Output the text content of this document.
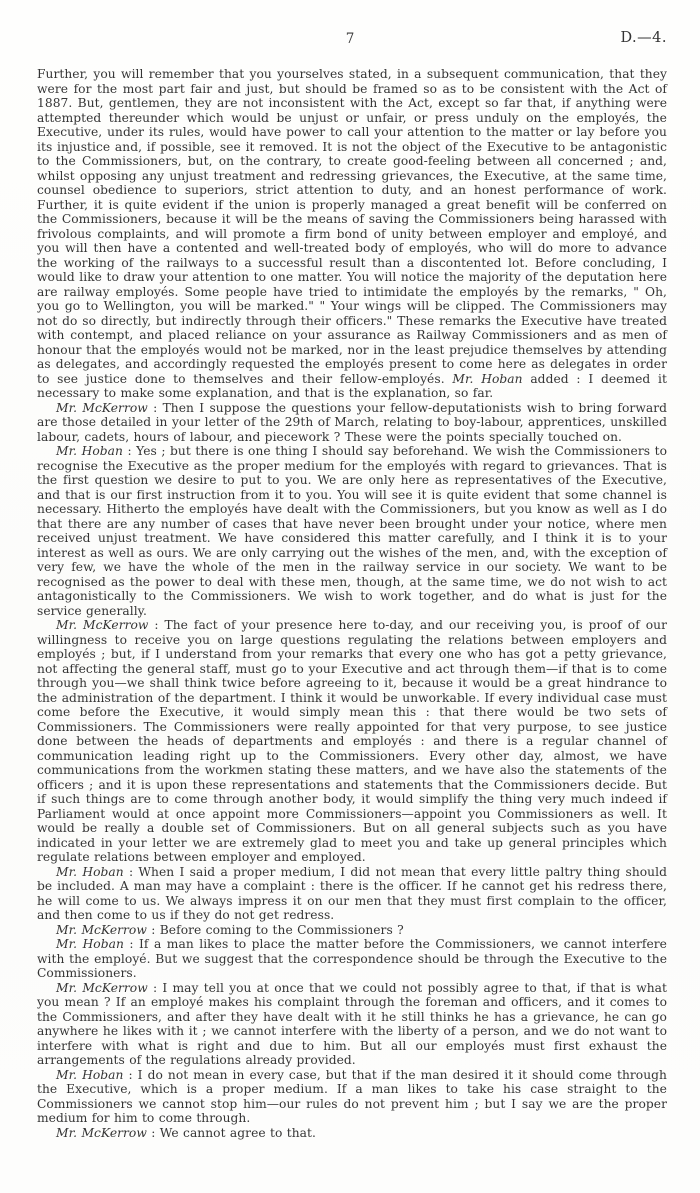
7	D.—4.

Further, you will remember that you yourselves stated, in a subsequent communication, that they were for the most part fair and just, but should be framed so as to be consistent with the Act of 1887. But, gentlemen, they are not inconsistent with the Act, except so far that, if anything were attempted thereunder which would be unjust or unfair, or press unduly on the employés, the Executive, under its rules, would have power to call your attention to the matter or lay before you its injustice and, if possible, see it removed. It is not the object of the Executive to be antagonistic to the Commissioners, but, on the contrary, to create good-feeling between all concerned ; and, whilst opposing any unjust treatment and redressing grievances, the Executive, at the same time, counsel obedience to superiors, strict attention to duty, and an honest performance of work. Further, it is quite evident if the union is properly managed a great benefit will be conferred on the Commissioners, because it will be the means of saving the Commissioners being harassed with frivolous complaints, and will promote a firm bond of unity between employer and employé, and you will then have a contented and well-treated body of employés, who will do more to advance the working of the railways to a successful result than a discontented lot. Before concluding, I would like to draw your attention to one matter. You will notice the majority of the deputation here are railway employés. Some people have tried to intimidate the employés by the remarks, " Oh, you go to Wellington, you will be marked." " Your wings will be clipped. The Commissioners may not do so directly, but indirectly through their officers." These remarks the Executive have treated with contempt, and placed reliance on your assurance as Railway Commissioners and as men of honour that the employés would not be marked, nor in the least prejudice themselves by attending as delegates, and accordingly requested the employés present to come here as delegates in order to see justice done to themselves and their fellow-employés. Mr. Hoban added : I deemed it necessary to make some explanation, and that is the explanation, so far.

Mr. McKerrow : Then I suppose the questions your fellow-deputationists wish to bring forward are those detailed in your letter of the 29th of March, relating to boy-labour, apprentices, unskilled labour, cadets, hours of labour, and piecework ? These were the points specially touched on.

Mr. Hoban : Yes ; but there is one thing I should say beforehand. We wish the Commissioners to recognise the Executive as the proper medium for the employés with regard to grievances. That is the first question we desire to put to you. We are only here as representatives of the Executive, and that is our first instruction from it to you. You will see it is quite evident that some channel is necessary. Hitherto the employés have dealt with the Commissioners, but you know as well as I do that there are any number of cases that have never been brought under your notice, where men received unjust treatment. We have considered this matter carefully, and I think it is to your interest as well as ours. We are only carrying out the wishes of the men, and, with the exception of very few, we have the whole of the men in the railway service in our society. We want to be recognised as the power to deal with these men, though, at the same time, we do not wish to act antagonistically to the Commissioners. We wish to work together, and do what is just for the service generally.

Mr. McKerrow : The fact of your presence here to-day, and our receiving you, is proof of our willingness to receive you on large questions regulating the relations between employers and employés ; but, if I understand from your remarks that every one who has got a petty grievance, not affecting the general staff, must go to your Executive and act through them—if that is to come through you—we shall think twice before agreeing to it, because it would be a great hindrance to the administration of the department. I think it would be unworkable. If every individual case must come before the Executive, it would simply mean this : that there would be two sets of Commissioners. The Commissioners were really appointed for that very purpose, to see justice done between the heads of departments and employés : and there is a regular channel of communication leading right up to the Commissioners. Every other day, almost, we have communications from the workmen stating these matters, and we have also the statements of the officers ; and it is upon these representations and statements that the Commissioners decide. But if such things are to come through another body, it would simplify the thing very much indeed if Parliament would at once appoint more Commissioners—appoint you Commissioners as well. It would be really a double set of Commissioners. But on all general subjects such as you have indicated in your letter we are extremely glad to meet you and take up general principles which regulate relations between employer and employed.

Mr. Hoban : When I said a proper medium, I did not mean that every little paltry thing should be included. A man may have a complaint : there is the officer. If he cannot get his redress there, he will come to us. We always impress it on our men that they must first complain to the officer, and then come to us if they do not get redress.

Mr. McKerrow : Before coming to the Commissioners ?

Mr. Hoban : If a man likes to place the matter before the Commissioners, we cannot interfere with the employé. But we suggest that the correspondence should be through the Executive to the Commissioners.

Mr. McKerrow : I may tell you at once that we could not possibly agree to that, if that is what you mean ? If an employé makes his complaint through the foreman and officers, and it comes to the Commissioners, and after they have dealt with it he still thinks he has a grievance, he can go anywhere he likes with it ; we cannot interfere with the liberty of a person, and we do not want to interfere with what is right and due to him. But all our employés must first exhaust the arrangements of the regulations already provided.

Mr. Hoban : I do not mean in every case, but that if the man desired it it should come through the Executive, which is a proper medium. If a man likes to take his case straight to the Commissioners we cannot stop him—our rules do not prevent him ; but I say we are the proper medium for him to come through.

Mr. McKerrow : We cannot agree to that.
